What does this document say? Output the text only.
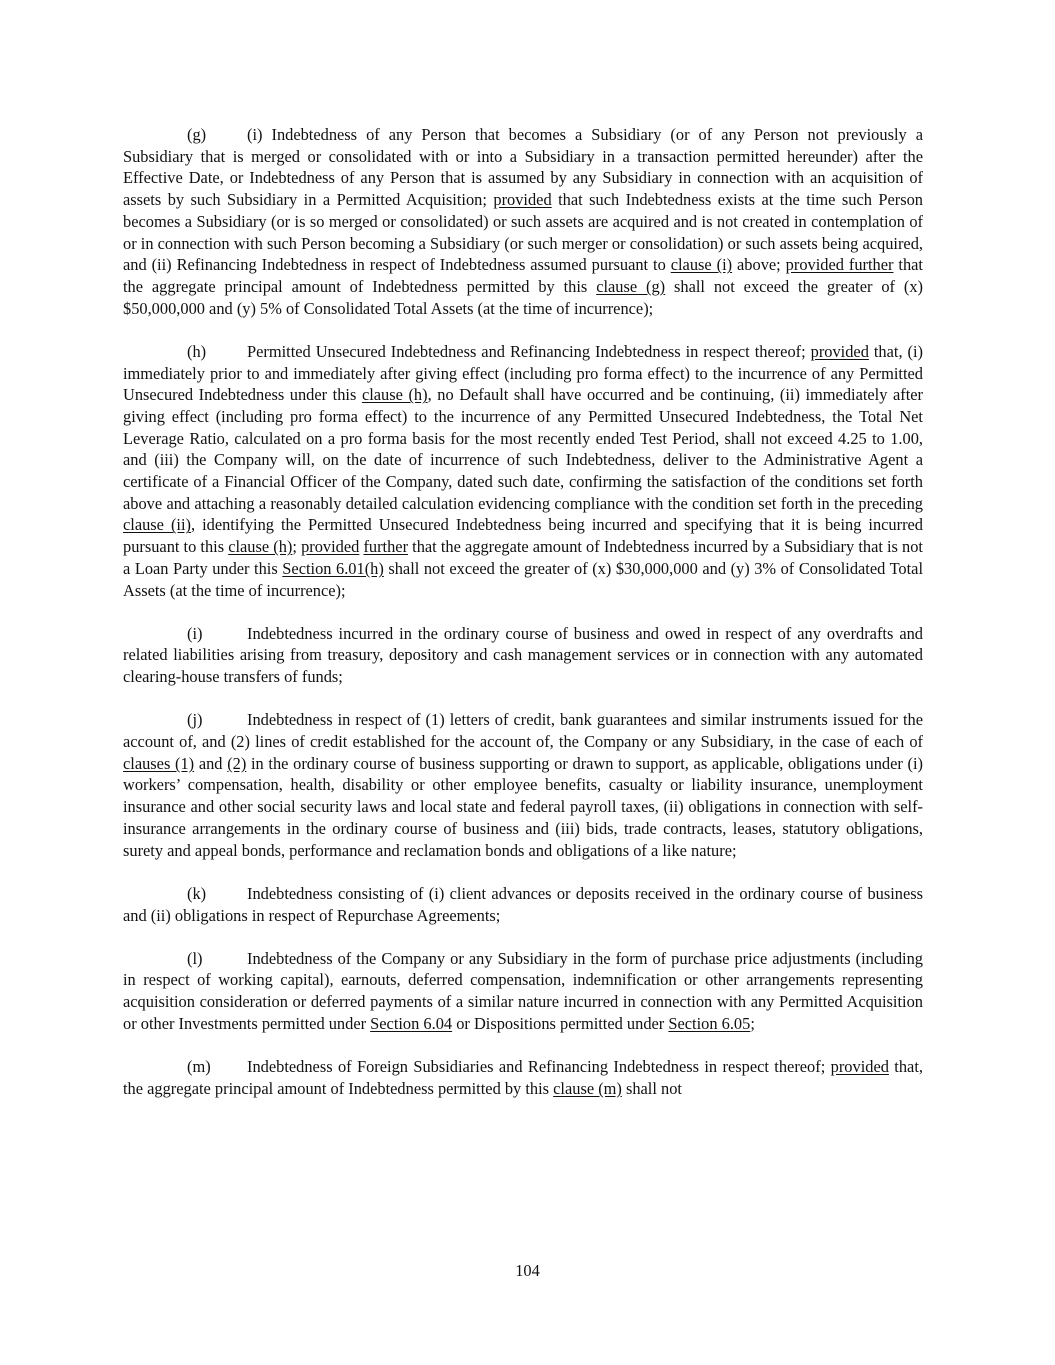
(g) (i) Indebtedness of any Person that becomes a Subsidiary (or of any Person not previously a Subsidiary that is merged or consolidated with or into a Subsidiary in a transaction permitted hereunder) after the Effective Date, or Indebtedness of any Person that is assumed by any Subsidiary in connection with an acquisition of assets by such Subsidiary in a Permitted Acquisition; provided that such Indebtedness exists at the time such Person becomes a Subsidiary (or is so merged or consolidated) or such assets are acquired and is not created in contemplation of or in connection with such Person becoming a Subsidiary (or such merger or consolidation) or such assets being acquired, and (ii) Refinancing Indebtedness in respect of Indebtedness assumed pursuant to clause (i) above; provided further that the aggregate principal amount of Indebtedness permitted by this clause (g) shall not exceed the greater of (x) $50,000,000 and (y) 5% of Consolidated Total Assets (at the time of incurrence);

(h) Permitted Unsecured Indebtedness and Refinancing Indebtedness in respect thereof; provided that, (i) immediately prior to and immediately after giving effect (including pro forma effect) to the incurrence of any Permitted Unsecured Indebtedness under this clause (h), no Default shall have occurred and be continuing, (ii) immediately after giving effect (including pro forma effect) to the incurrence of any Permitted Unsecured Indebtedness, the Total Net Leverage Ratio, calculated on a pro forma basis for the most recently ended Test Period, shall not exceed 4.25 to 1.00, and (iii) the Company will, on the date of incurrence of such Indebtedness, deliver to the Administrative Agent a certificate of a Financial Officer of the Company, dated such date, confirming the satisfaction of the conditions set forth above and attaching a reasonably detailed calculation evidencing compliance with the condition set forth in the preceding clause (ii), identifying the Permitted Unsecured Indebtedness being incurred and specifying that it is being incurred pursuant to this clause (h); provided further that the aggregate amount of Indebtedness incurred by a Subsidiary that is not a Loan Party under this Section 6.01(h) shall not exceed the greater of (x) $30,000,000 and (y) 3% of Consolidated Total Assets (at the time of incurrence);

(i)	Indebtedness incurred in the ordinary course of business and owed in respect of any overdrafts and related liabilities arising from treasury, depository and cash management services or in connection with any automated clearing-house transfers of funds;

(j)	Indebtedness in respect of (1) letters of credit, bank guarantees and similar instruments issued for the account of, and (2) lines of credit established for the account of, the Company or any Subsidiary, in the case of each of clauses (1) and (2) in the ordinary course of business supporting or drawn to support, as applicable, obligations under (i) workers’ compensation, health, disability or other employee benefits, casualty or liability insurance, unemployment insurance and other social security laws and local state and federal payroll taxes, (ii) obligations in connection with self-insurance arrangements in the ordinary course of business and (iii) bids, trade contracts, leases, statutory obligations, surety and appeal bonds, performance and reclamation bonds and obligations of a like nature;

(k) Indebtedness consisting of (i) client advances or deposits received in the ordinary course of business and (ii) obligations in respect of Repurchase Agreements;

(l)	Indebtedness of the Company or any Subsidiary in the form of purchase price adjustments (including in respect of working capital), earnouts, deferred compensation, indemnification or other arrangements representing acquisition consideration or deferred payments of a similar nature incurred in connection with any Permitted Acquisition or other Investments permitted under Section 6.04 or Dispositions permitted under Section 6.05;

(m) Indebtedness of Foreign Subsidiaries and Refinancing Indebtedness in respect thereof; provided that, the aggregate principal amount of Indebtedness permitted by this clause (m) shall not

104
